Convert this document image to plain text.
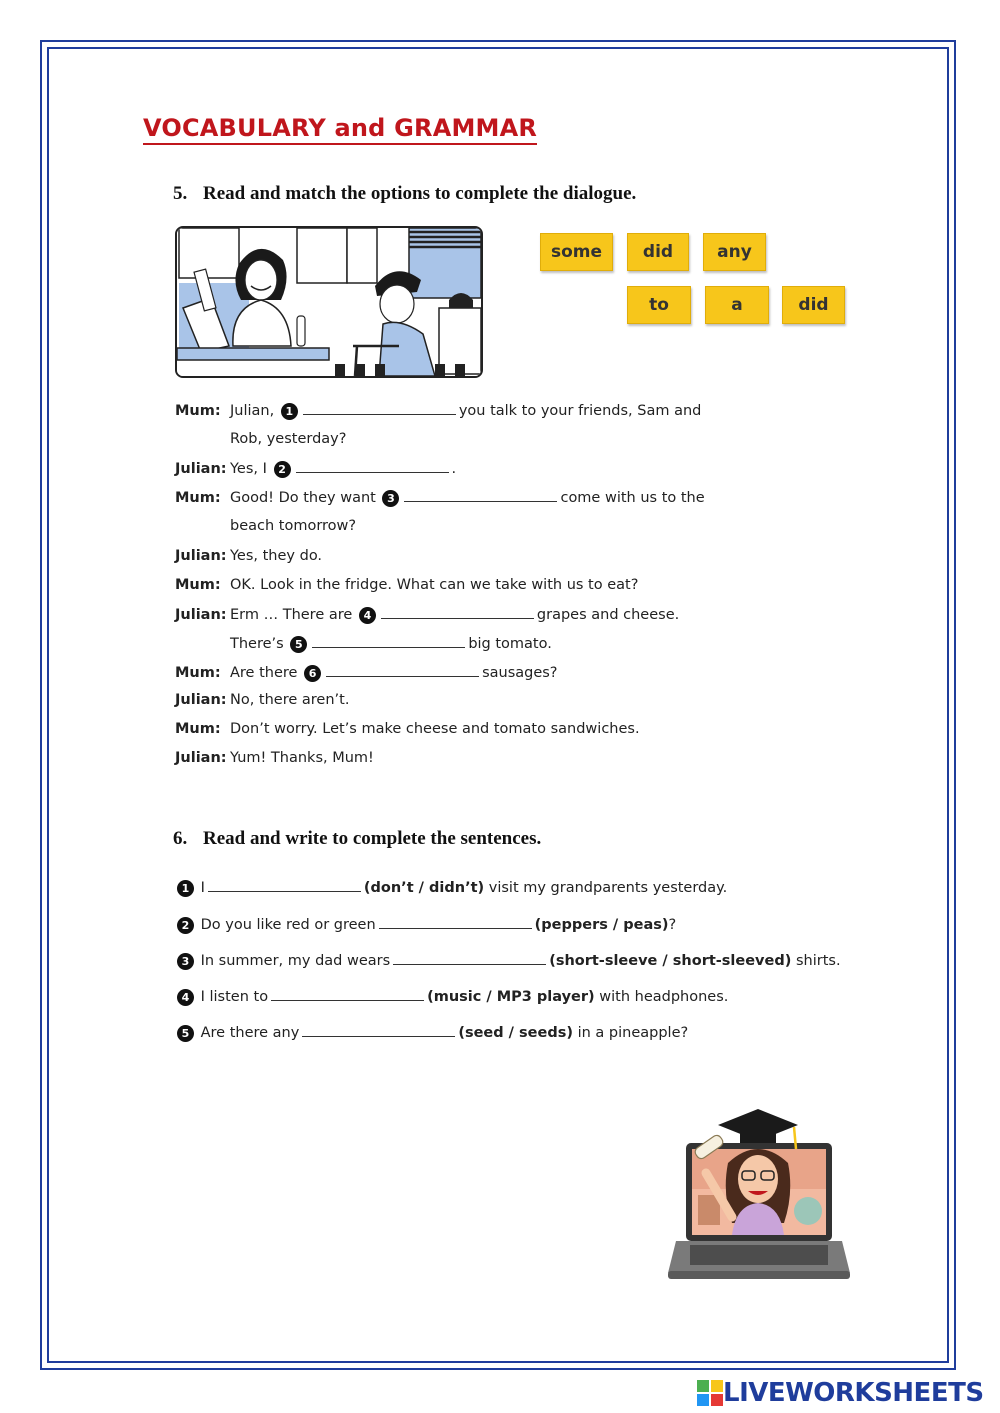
VOCABULARY and GRAMMAR
5. Read and match the options to complete the dialogue.
some	did	any
to	a	did
Mum: Julian, 1	you talk to your friends, Sam and
Rob, yesterday?
Julian: Yes, I 2	.
Mum: Good! Do they want 3	come with us to the
beach tomorrow?
Julian: Yes, they do.
Mum: OK. Look in the fridge. What can we take with us to eat?
Julian: Erm … There are 4	grapes and cheese.
There’s 5	big tomato.
Mum: Are there 6	sausages?
Julian: No, there aren’t.
Mum: Don’t worry. Let’s make cheese and tomato sandwiches.
Julian: Yum! Thanks, Mum!
6. Read and write to complete the sentences.
1 I	(don’t / didn’t) visit my grandparents yesterday.
2 Do you like red or green	(peppers / peas)?
3 In summer, my dad wears	(short-sleeve / short-sleeved) shirts.
4 I listen to	(music / MP3 player) with headphones.
5 Are there any	(seed / seeds) in a pineapple?
LIVEWORKSHEETS
